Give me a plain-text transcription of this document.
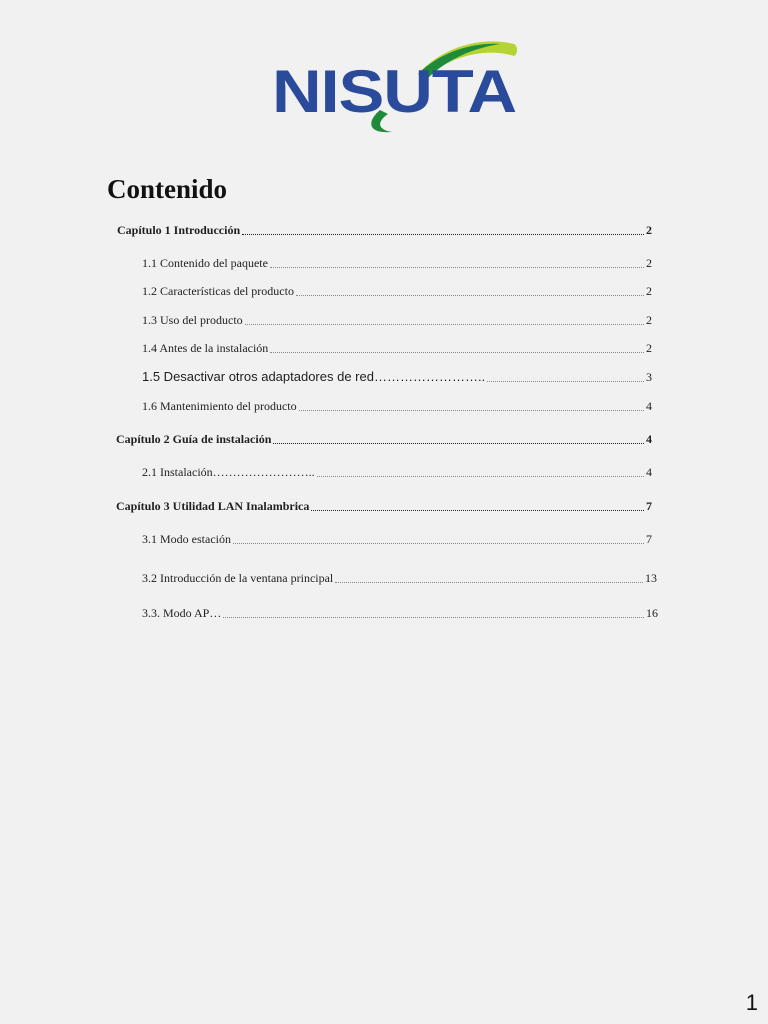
NISUTA
Contenido
Capítulo 1 Introducción	2
1.1 Contenido del paquete	2
1.2 Características del producto	2
1.3 Uso del producto	2
1.4 Antes de la instalación	2
1.5 Desactivar otros adaptadores de red……………………..	3
1.6 Mantenimiento del producto	4
Capítulo 2 Guía de instalación	4
2.1 Instalación……………………..	4
Capítulo 3 Utilidad LAN Inalambrica	7
3.1 Modo estación	7
3.2 Introducción de la ventana principal	13
3.3. Modo AP…	16
1
